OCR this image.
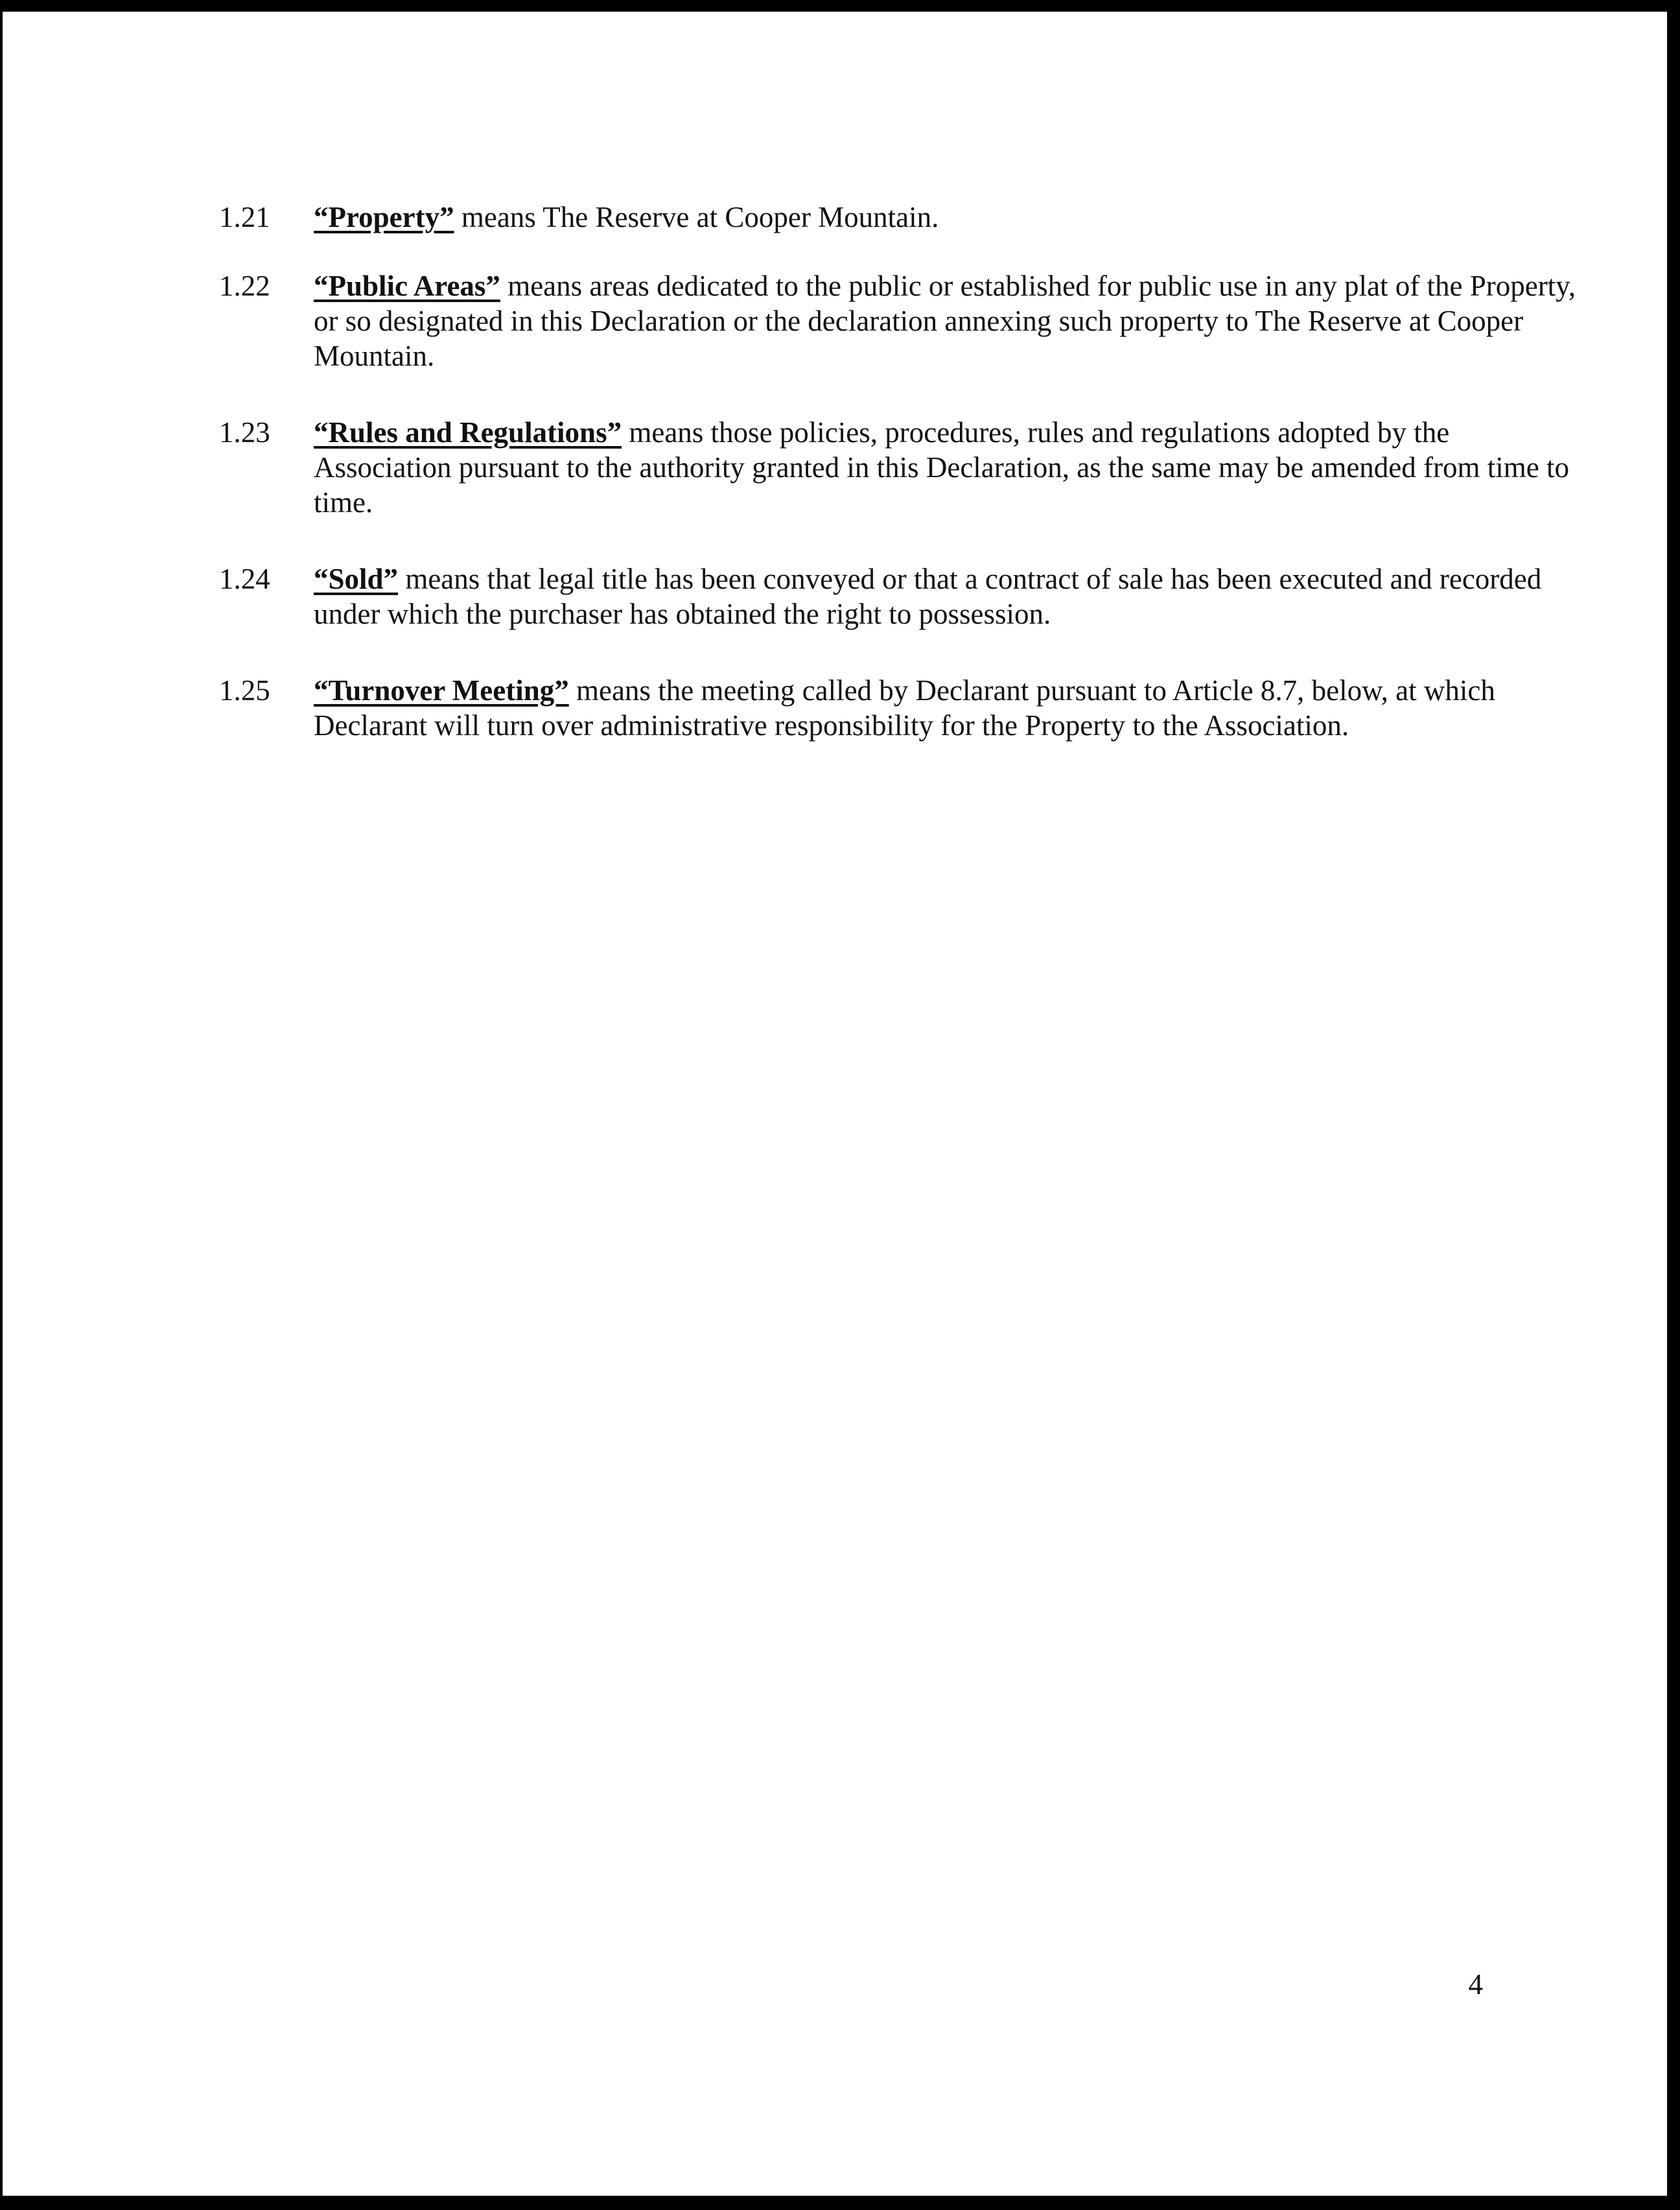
1.21	“Property” means The Reserve at Cooper Mountain.
1.22	“Public Areas” means areas dedicated to the public or established for public use in any plat of the Property, or so designated in this Declaration or the declaration annexing such property to The Reserve at Cooper Mountain.
1.23	“Rules and Regulations” means those policies, procedures, rules and regulations adopted by the Association pursuant to the authority granted in this Declaration, as the same may be amended from time to time.
1.24	“Sold” means that legal title has been conveyed or that a contract of sale has been executed and recorded under which the purchaser has obtained the right to possession.
1.25	“Turnover Meeting” means the meeting called by Declarant pursuant to Article 8.7, below, at which Declarant will turn over administrative responsibility for the Property to the Association.
4
